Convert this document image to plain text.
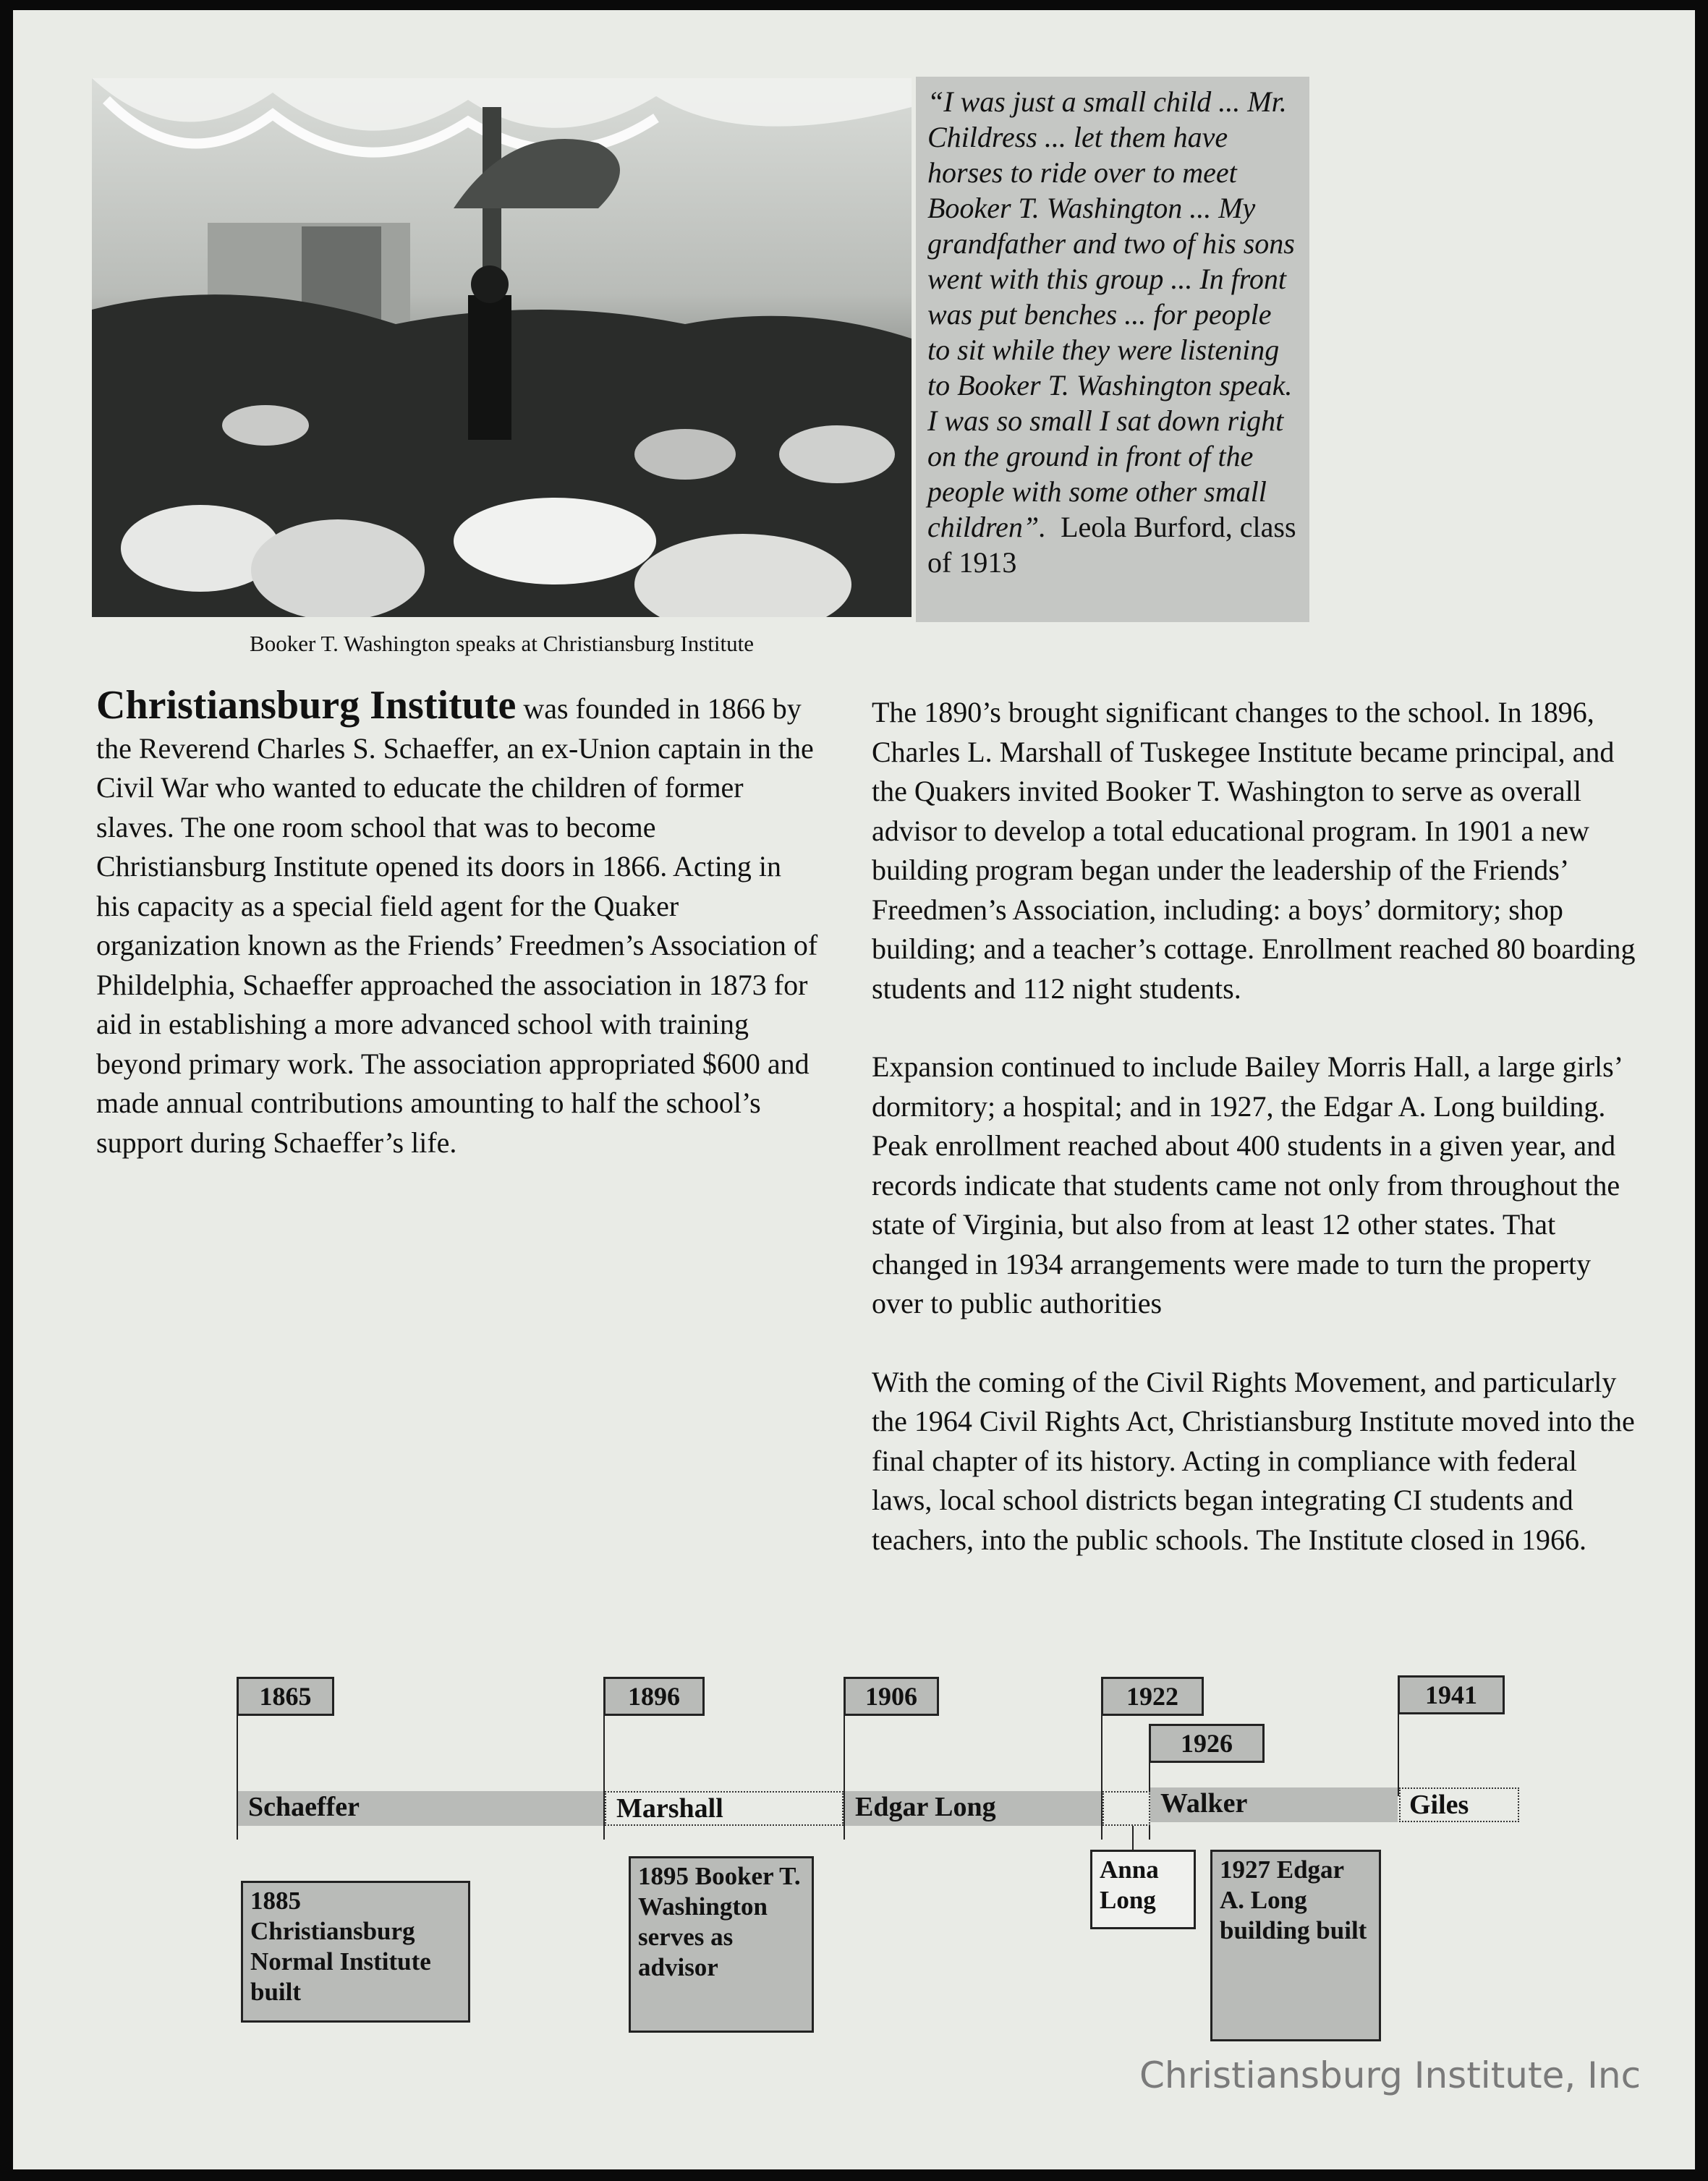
Booker T. Washington speaks at Christiansburg Institute
“I was just a small child ... Mr. Childress ... let them have horses to ride over to meet Booker T. Washington ... My grandfather and two of his sons went with this group ... In front was put benches ... for people to sit while they were listening to Booker T. Washington speak. I was so small I sat down right on the ground in front of the people with some other small children”. Leola Burford, class of 1913

Christiansburg Institute was founded in 1866 by the Reverend Charles S. Schaeffer, an ex-Union captain in the Civil War who wanted to educate the children of former slaves. The one room school that was to become Christiansburg Institute opened its doors in 1866. Acting in his capacity as a special field agent for the Quaker organization known as the Friends’ Freedmen’s Association of Phildelphia, Schaeffer approached the association in 1873 for aid in establishing a more advanced school with training beyond primary work. The association appropriated $600 and made annual contributions amounting to half the school’s support during Schaeffer’s life.

The 1890’s brought significant changes to the school. In 1896, Charles L. Marshall of Tuskegee Institute became principal, and the Quakers invited Booker T. Washington to serve as overall advisor to develop a total educational program. In 1901 a new building program began under the leadership of the Friends’ Freedmen’s Association, including: a boys’ dormitory; shop building; and a teacher’s cottage. Enrollment reached 80 boarding students and 112 night students.

Expansion continued to include Bailey Morris Hall, a large girls’ dormitory; a hospital; and in 1927, the Edgar A. Long building. Peak enrollment reached about 400 students in a given year, and records indicate that students came not only from throughout the state of Virginia, but also from at least 12 other states. That changed in 1934 arrangements were made to turn the property over to public authorities

With the coming of the Civil Rights Movement, and particularly the 1964 Civil Rights Act, Christiansburg Institute moved into the final chapter of its history. Acting in compliance with federal laws, local school districts began integrating CI students and teachers, into the public schools. The Institute closed in 1966.

1865	1896	1906	1922
1926
1941
Schaeffer	Marshall	Edgar Long	Walker	Giles
1885 Christiansburg Normal Institute built
1895 Booker T. Washington serves as advisor
Anna Long
1927 Edgar A. Long building built
Christiansburg Institute, Inc
